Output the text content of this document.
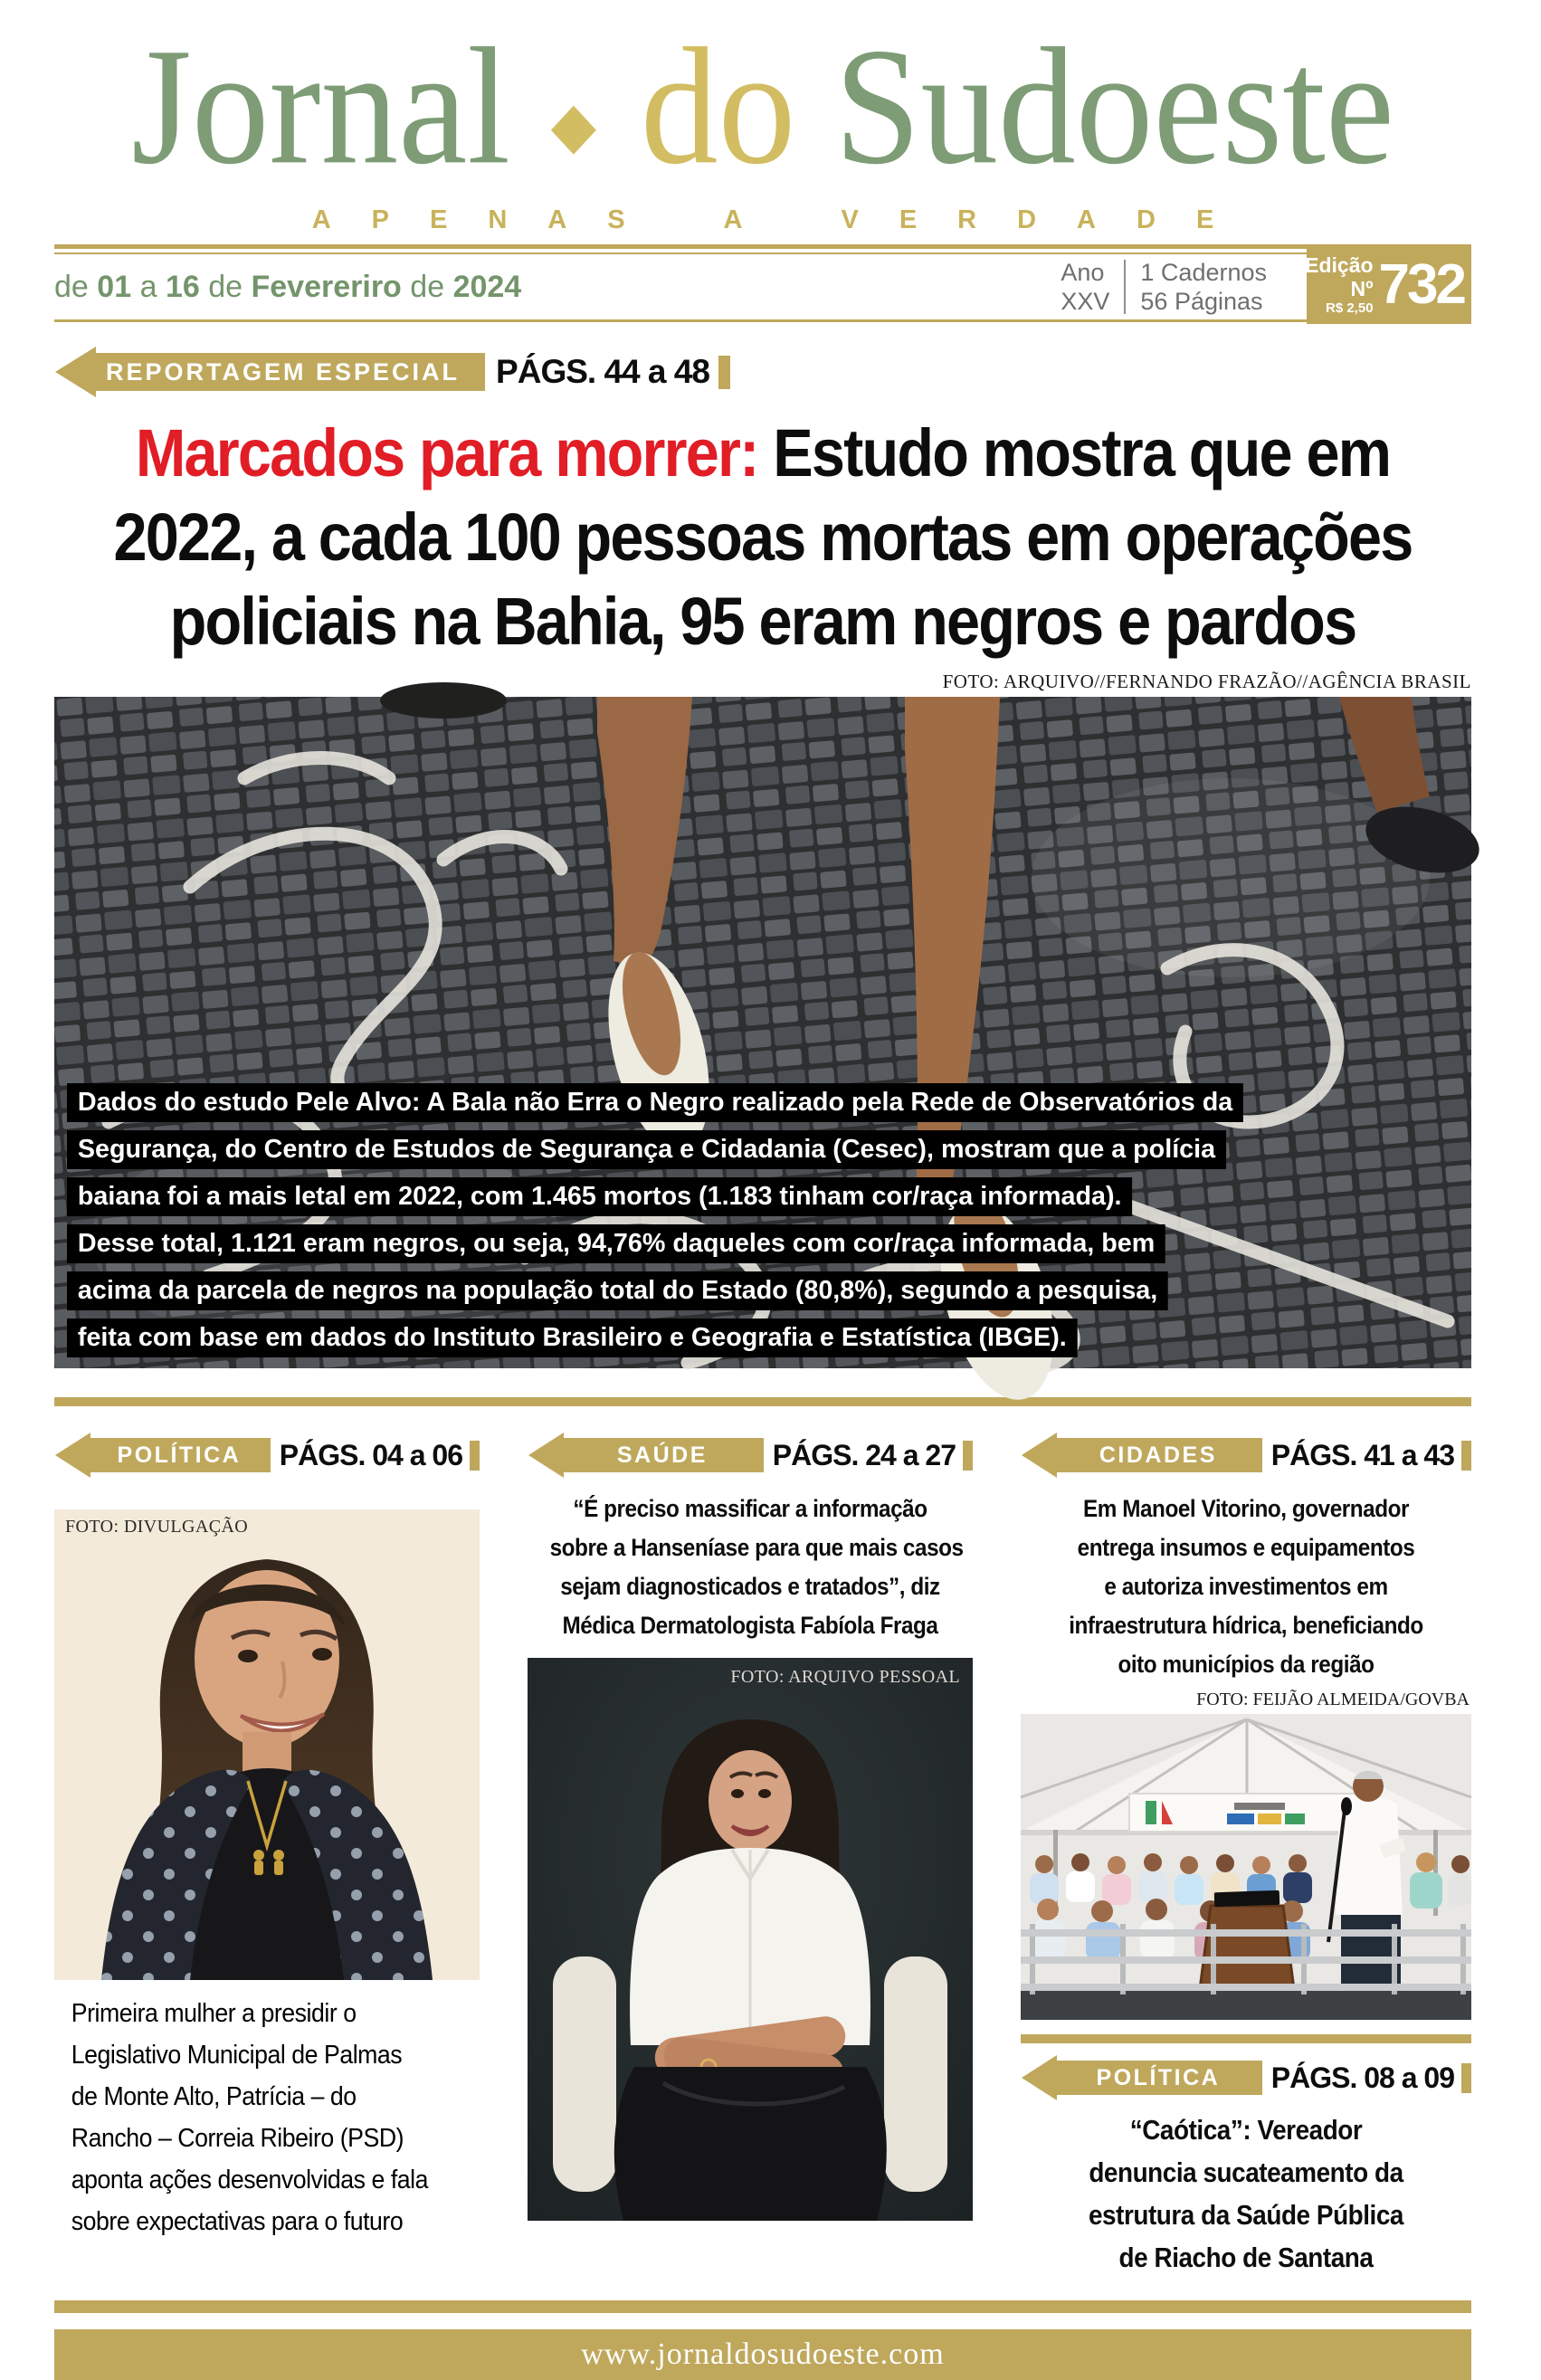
Jornal ◆ do Sudoeste
APENAS A VERDADE
de 01 a 16 de Fevereriro de 2024	Ano
XXV
1 Cadernos
56 Páginas
Edição Nº
R$ 2,50 732
REPORTAGEM ESPECIAL	PÁGS. 44 a 48
Marcados para morrer: Estudo mostra que em
2022, a cada 100 pessoas mortas em operações
policiais na Bahia, 95 eram negros e pardos
FOTO: ARQUIVO//FERNANDO FRAZÃO//AGÊNCIA BRASIL
Dados do estudo Pele Alvo: A Bala não Erra o Negro realizado pela Rede de Observatórios da
Segurança, do Centro de Estudos de Segurança e Cidadania (Cesec), mostram que a polícia
baiana foi a mais letal em 2022, com 1.465 mortos (1.183 tinham cor/raça informada).
Desse total, 1.121 eram negros, ou seja, 94,76% daqueles com cor/raça informada, bem
acima da parcela de negros na população total do Estado (80,8%), segundo a pesquisa,
feita com base em dados do Instituto Brasileiro e Geografia e Estatística (IBGE).
POLÍTICA	PÁGS. 04 a 06
FOTO: DIVULGAÇÃO
Primeira mulher a presidir o
Legislativo Municipal de Palmas
de Monte Alto, Patrícia – do
Rancho – Correia Ribeiro (PSD)
aponta ações desenvolvidas e fala
sobre expectativas para o futuro
SAÚDE	PÁGS. 24 a 27
“É preciso massificar a informação
sobre a Hanseníase para que mais casos
sejam diagnosticados e tratados”, diz
Médica Dermatologista Fabíola Fraga
FOTO: ARQUIVO PESSOAL
CIDADES	PÁGS. 41 a 43
Em Manoel Vitorino, governador
entrega insumos e equipamentos
e autoriza investimentos em
infraestrutura hídrica, beneficiando
oito municípios da região
FOTO: FEIJÃO ALMEIDA/GOVBA
POLÍTICA	PÁGS. 08 a 09
“Caótica”: Vereador
denuncia sucateamento da
estrutura da Saúde Pública
de Riacho de Santana
www.jornaldosudoeste.com
